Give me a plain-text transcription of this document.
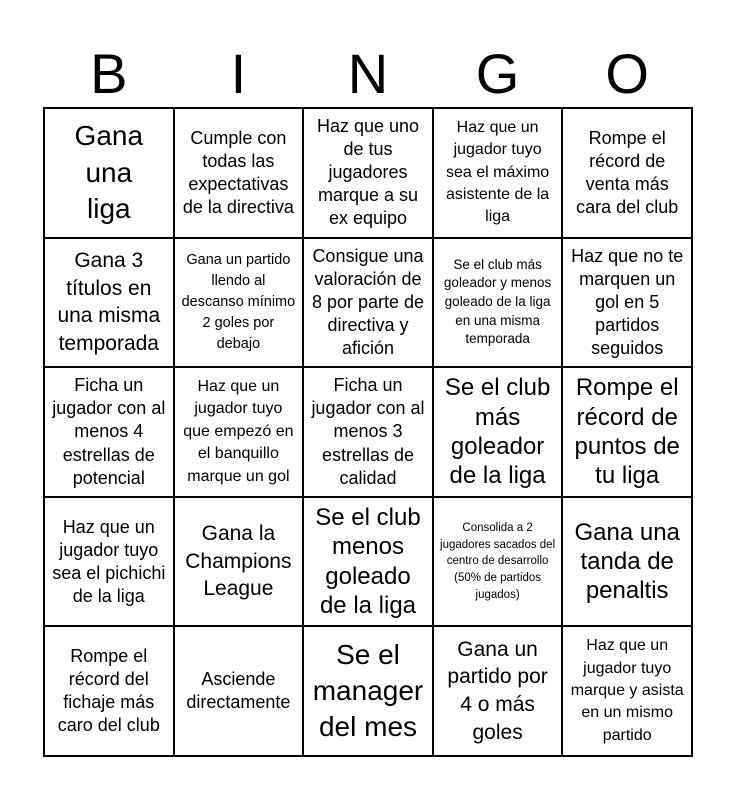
B	I	N	G	O
Gana una liga
Cumple con todas las expectativas de la directiva
Haz que uno de tus jugadores marque a su ex equipo
Haz que un jugador tuyo sea el máximo asistente de la liga
Rompe el récord de venta más cara del club
Gana 3 títulos en una misma temporada
Gana un partido llendo al descanso mínimo 2 goles por debajo
Consigue una valoración de 8 por parte de directiva y afición
Se el club más goleador y menos goleado de la liga en una misma temporada
Haz que no te marquen un gol en 5 partidos seguidos
Ficha un jugador con al menos 4 estrellas de potencial
Haz que un jugador tuyo que empezó en el banquillo marque un gol
Ficha un jugador con al menos 3 estrellas de calidad
Se el club más goleador de la liga
Rompe el récord de puntos de tu liga
Haz que un jugador tuyo sea el pichichi de la liga
Gana la Champions League
Se el club menos goleado de la liga
Consolida a 2 jugadores sacados del centro de desarrollo (50% de partidos jugados)
Gana una tanda de penaltis
Rompe el récord del fichaje más caro del club
Asciende directamente
Se el manager del mes
Gana un partido por 4 o más goles
Haz que un jugador tuyo marque y asista en un mismo partido
